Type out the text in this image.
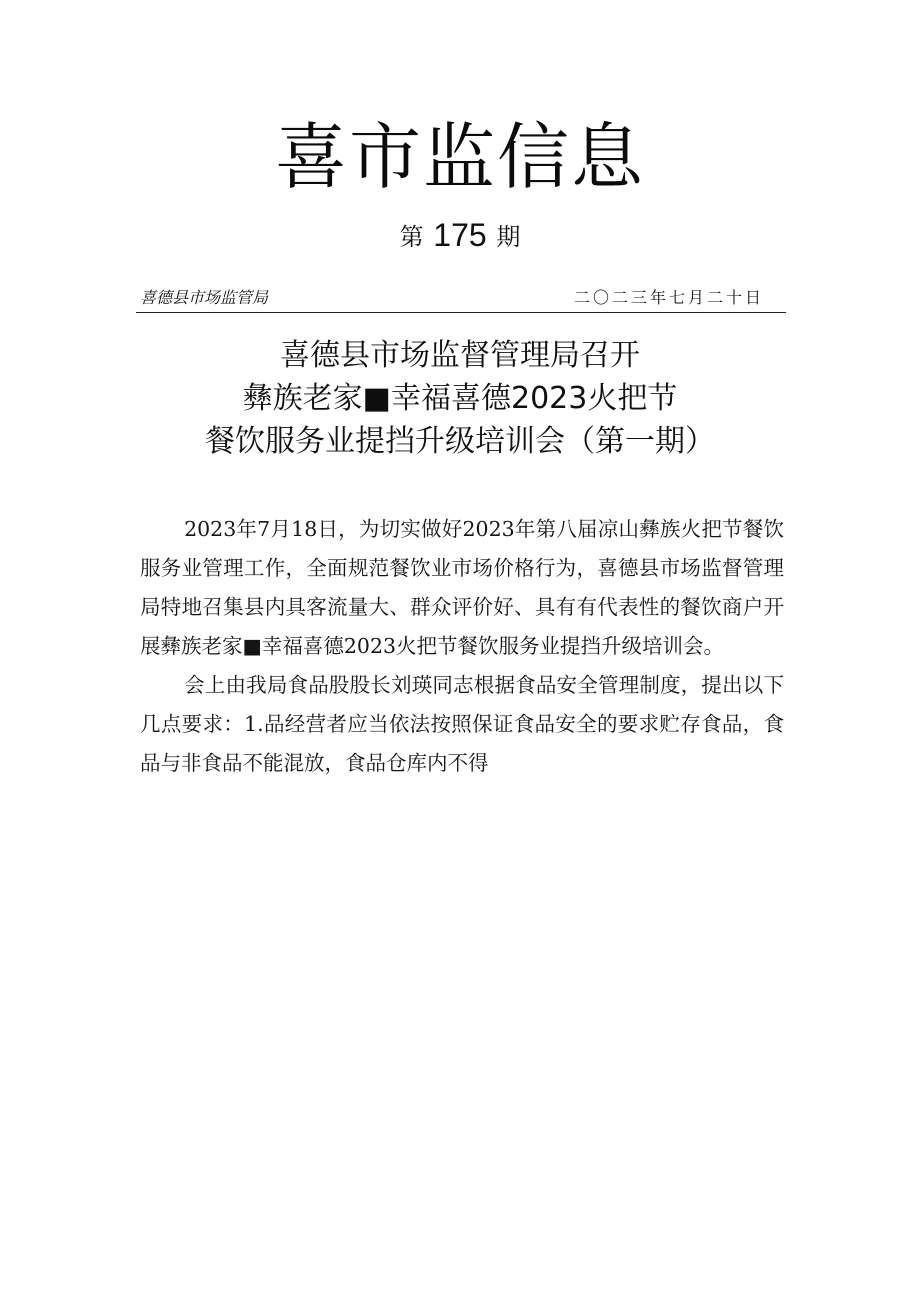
喜市监信息
第 175 期
喜德县市场监管局	二〇二三年七月二十日
喜德县市场监督管理局召开
彝族老家■幸福喜德2023火把节
餐饮服务业提挡升级培训会（第一期）

2023年7月18日，为切实做好2023年第八届凉山彝族火把节餐饮服务业管理工作，全面规范餐饮业市场价格行为，喜德县市场监督管理局特地召集县内具客流量大、群众评价好、具有有代表性的餐饮商户开展彝族老家■幸福喜德2023火把节餐饮服务业提挡升级培训会。

会上由我局食品股股长刘瑛同志根据食品安全管理制度，提出以下几点要求：1.品经营者应当依法按照保证食品安全的要求贮存食品，食品与非食品不能混放，食品仓库内不得
